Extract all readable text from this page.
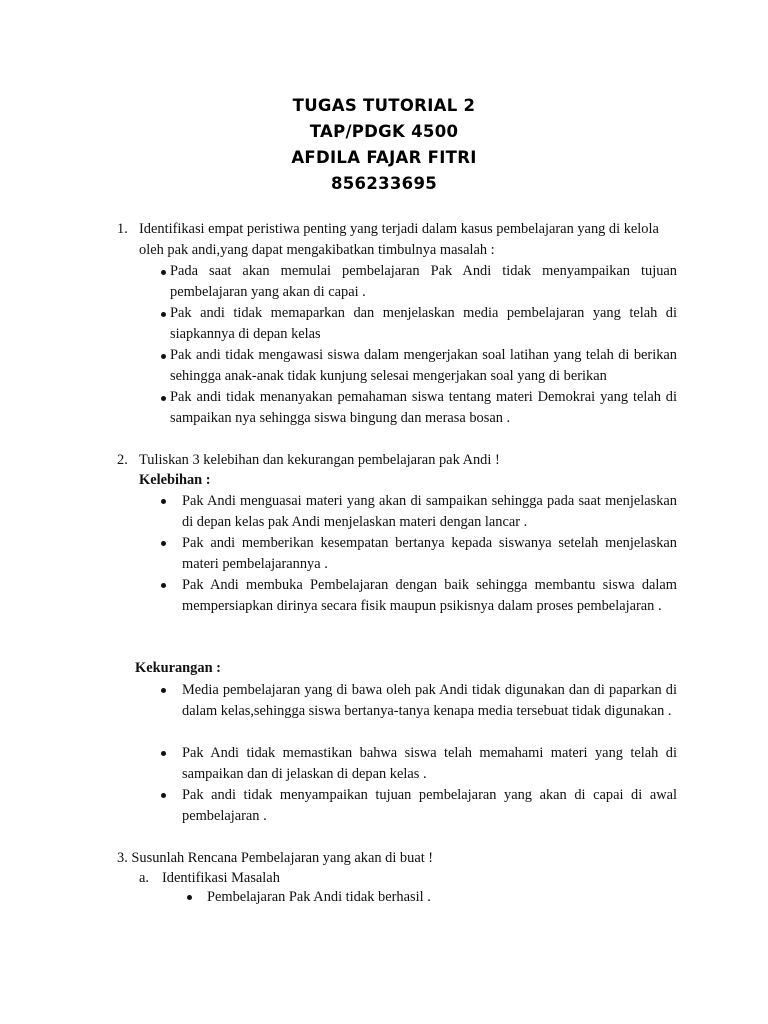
TUGAS TUTORIAL 2
TAP/PDGK 4500
AFDILA FAJAR FITRI
856233695
1. Identifikasi empat peristiwa penting yang terjadi dalam kasus pembelajaran yang di kelola oleh pak andi,yang dapat mengakibatkan timbulnya masalah :

Pada saat akan memulai pembelajaran Pak Andi tidak menyampaikan tujuan pembelajaran yang akan di capai .

Pak andi tidak memaparkan dan menjelaskan media pembelajaran yang telah di siapkannya di depan kelas

Pak andi tidak mengawasi siswa dalam mengerjakan soal latihan yang telah di berikan sehingga anak-anak tidak kunjung selesai mengerjakan soal yang di berikan

Pak andi tidak menanyakan pemahaman siswa tentang materi Demokrai yang telah di sampaikan nya sehingga siswa bingung dan merasa bosan .

2. Tuliskan 3 kelebihan dan kekurangan pembelajaran pak Andi !

Kelebihan :

Pak Andi menguasai materi yang akan di sampaikan sehingga pada saat menjelaskan di depan kelas pak Andi menjelaskan materi dengan lancar .

Pak andi memberikan kesempatan bertanya kepada siswanya setelah menjelaskan materi pembelajarannya .

Pak Andi membuka Pembelajaran dengan baik sehingga membantu siswa dalam mempersiapkan dirinya secara fisik maupun psikisnya dalam proses pembelajaran .

Kekurangan :

Media pembelajaran yang di bawa oleh pak Andi tidak digunakan dan di paparkan di dalam kelas,sehingga siswa bertanya-tanya kenapa media tersebuat tidak digunakan .

Pak Andi tidak memastikan bahwa siswa telah memahami materi yang telah di sampaikan dan di jelaskan di depan kelas .

Pak andi tidak menyampaikan tujuan pembelajaran yang akan di capai di awal pembelajaran .

3. Susunlah Rencana Pembelajaran yang akan di buat !

a. Identifikasi Masalah

Pembelajaran Pak Andi tidak berhasil .
